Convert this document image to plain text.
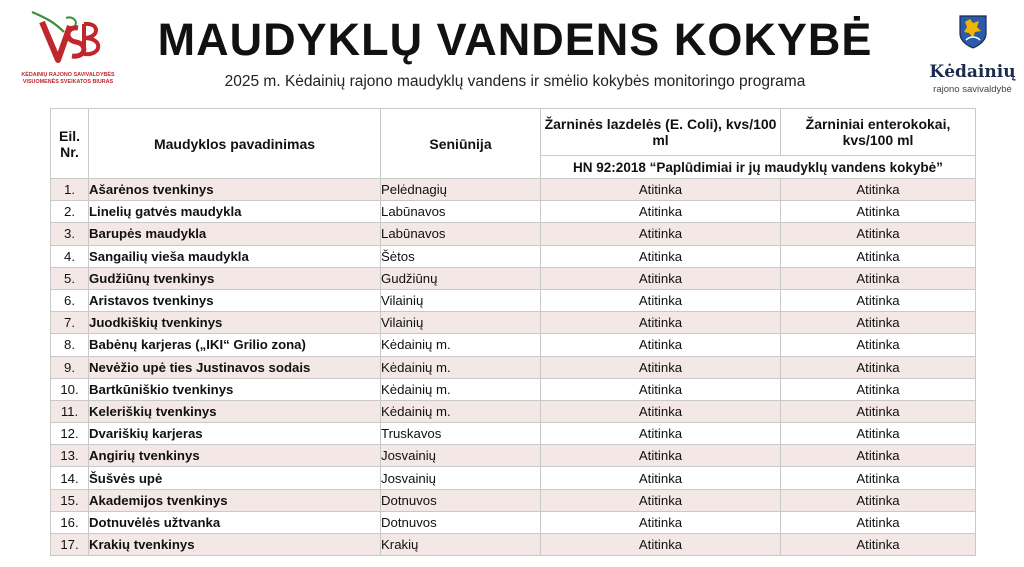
KĖDAINIŲ RAJONO SAVIVALDYBĖS
VISUOMENĖS SVEIKATOS BIURAS
MAUDYKLŲ VANDENS KOKYBĖ
2025 m. Kėdainių rajono maudyklų vandens ir smėlio kokybės monitoringo programa	Kėdainių
rajono savivaldybė
Eil. Nr.	Maudyklos pavadinimas	Seniūnija	Žarninės lazdelės (E. Coli), kvs/100 ml	Žarniniai enterokokai, kvs/100 ml
			HN 92:2018 “Paplūdimiai ir jų maudyklų vandens kokybė”	
1.	Ašarėnos tvenkinys	Pelėdnagių	Atitinka	Atitinka
2.	Linelių gatvės maudykla	Labūnavos	Atitinka	Atitinka
3.	Barupės maudykla	Labūnavos	Atitinka	Atitinka
4.	Sangailių vieša maudykla	Šėtos	Atitinka	Atitinka
5.	Gudžiūnų tvenkinys	Gudžiūnų	Atitinka	Atitinka
6.	Aristavos tvenkinys	Vilainių	Atitinka	Atitinka
7.	Juodkiškių tvenkinys	Vilainių	Atitinka	Atitinka
8.	Babėnų karjeras („IKI“ Grilio zona)	Kėdainių m.	Atitinka	Atitinka
9.	Nevėžio upė ties Justinavos sodais	Kėdainių m.	Atitinka	Atitinka
10.	Bartkūniškio tvenkinys	Kėdainių m.	Atitinka	Atitinka
11.	Keleriškių tvenkinys	Kėdainių m.	Atitinka	Atitinka
12.	Dvariškių karjeras	Truskavos	Atitinka	Atitinka
13.	Angirių tvenkinys	Josvainių	Atitinka	Atitinka
14.	Šušvės upė	Josvainių	Atitinka	Atitinka
15.	Akademijos tvenkinys	Dotnuvos	Atitinka	Atitinka
16.	Dotnuvėlės užtvanka	Dotnuvos	Atitinka	Atitinka
17.	Krakių tvenkinys	Krakių	Atitinka	Atitinka
